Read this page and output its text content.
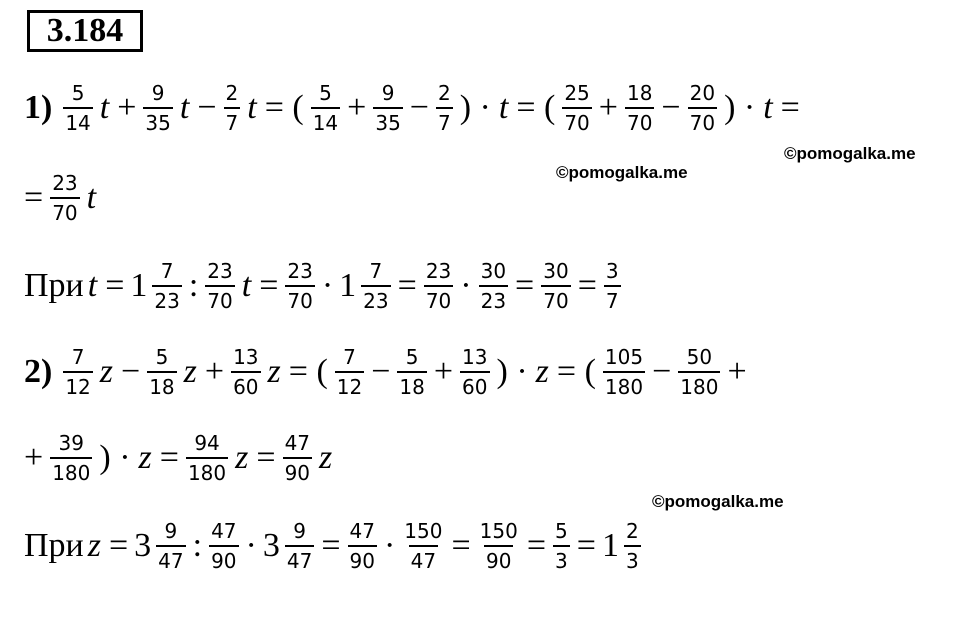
3.184
$1) \frac{5}{14}$ $t + \frac{9}{35}$ $t - \frac{2}{7}$ t = ( $\frac{5}{14} + \frac{9}{35} - \frac{2}{7}$ ) · t = ( $\frac{25}{70} + \frac{18}{70} - \frac{20}{70}$ ) · t =
©pomogalka.me
©pomogalka.me
= $\frac{23}{70}$ t
При $t = 1 \frac{7}{23}$ : $\frac{23}{70}$ $t = \frac{23}{70} \cdot 1 \frac{7}{23} = \frac{23}{70} \cdot \frac{30}{23} = \frac{30}{70} = \frac{3}{7}$
$2) \frac{7}{12}$ $z - \frac{5}{18}$ $z + \frac{13}{60}$ z = ( $\frac{7}{12} - \frac{5}{18} + \frac{13}{60}$ ) · z = ( $\frac{105}{180} - \frac{50}{180}$ +
+ $\frac{39}{180}$ ) · $z = \frac{94}{180}$ $z = \frac{47}{90}$ z
©pomogalka.me
При $z = 3 \frac{9}{47}$ : $\frac{47}{90} \cdot 3 \frac{9}{47} = \frac{47}{90} \cdot \frac{150}{47} = \frac{150}{90} = \frac{5}{3} = 1 \frac{2}{3}$
